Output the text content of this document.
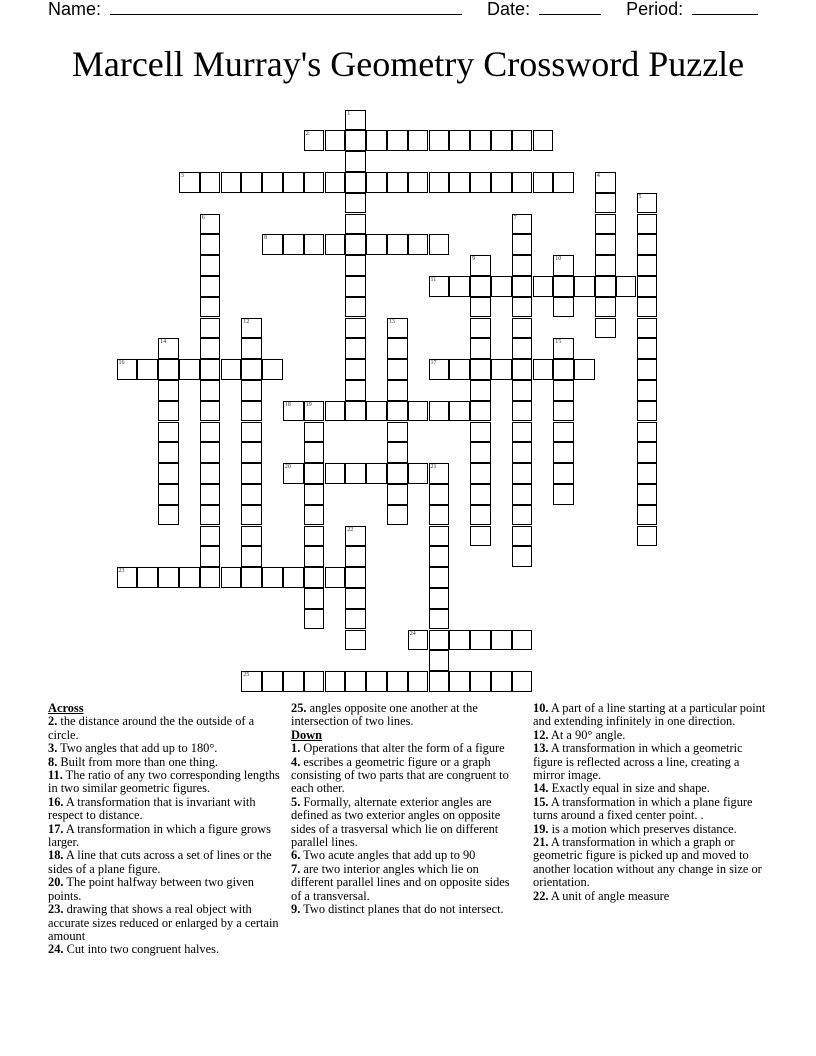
Name:	Date:	Period:
Marcell Murray's Geometry Crossword Puzzle
1
2
3	4
5
6	7
8
9	10
11
12	13
14	15
16	17
18 19
20	21
22
23
24
25
Across
2. the distance around the the outside of a circle.
3. Two angles that add up to 180°.
8. Built from more than one thing.
11. The ratio of any two corresponding lengths in two similar geometric figures.
16. A transformation that is invariant with respect to distance.
17. A transformation in which a figure grows larger.
18. A line that cuts across a set of lines or the sides of a plane figure.
20. The point halfway between two given points.
23. drawing that shows a real object with accurate sizes reduced or enlarged by a certain amount
24. Cut into two congruent halves.
25. angles opposite one another at the intersection of two lines.
Down
1. Operations that alter the form of a figure
4. escribes a geometric figure or a graph consisting of two parts that are congruent to each other.
5. Formally, alternate exterior angles are defined as two exterior angles on opposite sides of a trasversal which lie on different parallel lines.
6. Two acute angles that add up to 90
7. are two interior angles which lie on different parallel lines and on opposite sides of a transversal.
9. Two distinct planes that do not intersect.
10. A part of a line starting at a particular point and extending infinitely in one direction.
12. At a 90° angle.
13. A transformation in which a geometric figure is reflected across a line, creating a mirror image.
14. Exactly equal in size and shape.
15. A transformation in which a plane figure turns around a fixed center point. .
19. is a motion which preserves distance.
21. A transformation in which a graph or geometric figure is picked up and moved to another location without any change in size or orientation.
22. A unit of angle measure
